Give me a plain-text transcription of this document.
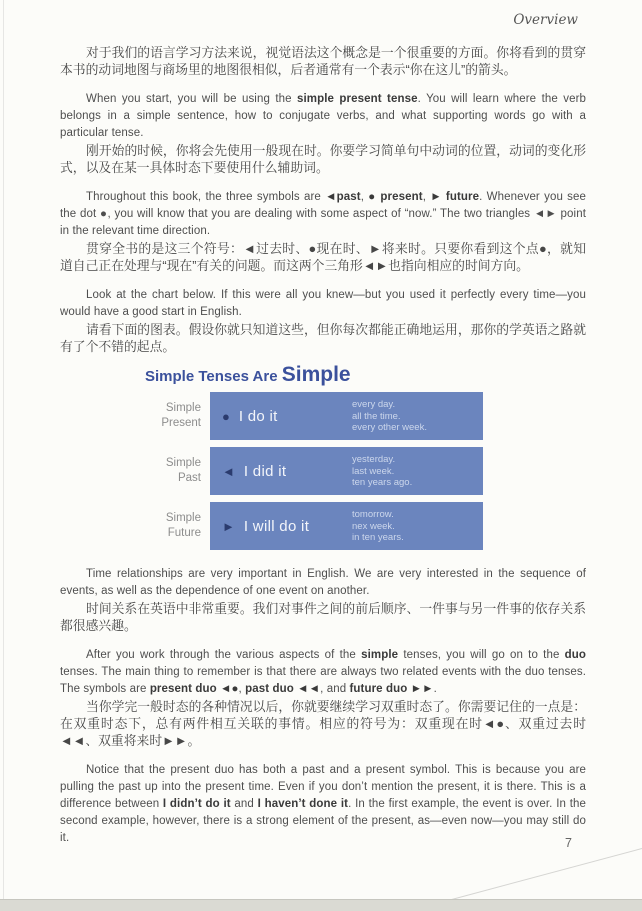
Overview

对于我们的语言学习方法来说，视觉语法这个概念是一个很重要的方面。你将看到的贯穿本书的动词地图与商场里的地图很相似，后者通常有一个表示“你在这儿”的箭头。

When you start, you will be using the simple present tense. You will learn where the verb belongs in a simple sentence, how to conjugate verbs, and what supporting words go with a particular tense.

刚开始的时候，你将会先使用一般现在时。你要学习简单句中动词的位置，动词的变化形式，以及在某一具体时态下要使用什么辅助词。

Throughout this book, the three symbols are ◄past, ● present, ► future. Whenever you see the dot ●, you will know that you are dealing with some aspect of “now.” The two triangles ◄► point in the relevant time direction.

贯穿全书的是这三个符号：◄过去时、●现在时、►将来时。只要你看到这个点●，就知道自己正在处理与“现在”有关的问题。而这两个三角形◄►也指向相应的时间方向。

Look at the chart below. If this were all you knew—but you used it perfectly every time—you would have a good start in English.

请看下面的图表。假设你就只知道这些，但你每次都能正确地运用，那你的学英语之路就有了个不错的起点。

Simple Tenses Are Simple
Simple
Present ● I do it
every day.
all the time.
every other week.
Simple
Past ◄ I did it
yesterday.
last week.
ten years ago.
Simple
Future ► I will do it
tomorrow.
nex week.
in ten years.

Time relationships are very important in English. We are very interested in the sequence of events, as well as the dependence of one event on another.

时间关系在英语中非常重要。我们对事件之间的前后顺序、一件事与另一件事的依存关系都很感兴趣。

After you work through the various aspects of the simple tenses, you will go on to the duo tenses. The main thing to remember is that there are always two related events with the duo tenses. The symbols are present duo ◄●, past duo ◄◄, and future duo ►►.

当你学完一般时态的各种情况以后，你就要继续学习双重时态了。你需要记住的一点是：在双重时态下，总有两件相互关联的事情。相应的符号为：双重现在时◄●、双重过去时◄◄、双重将来时►►。

Notice that the present duo has both a past and a present symbol. This is because you are pulling the past up into the present time. Even if you don’t mention the present, it is there. This is a difference between I didn’t do it and I haven’t done it. In the first example, the event is over. In the second example, however, there is a strong element of the present, as—even now—you may still do it.	7
